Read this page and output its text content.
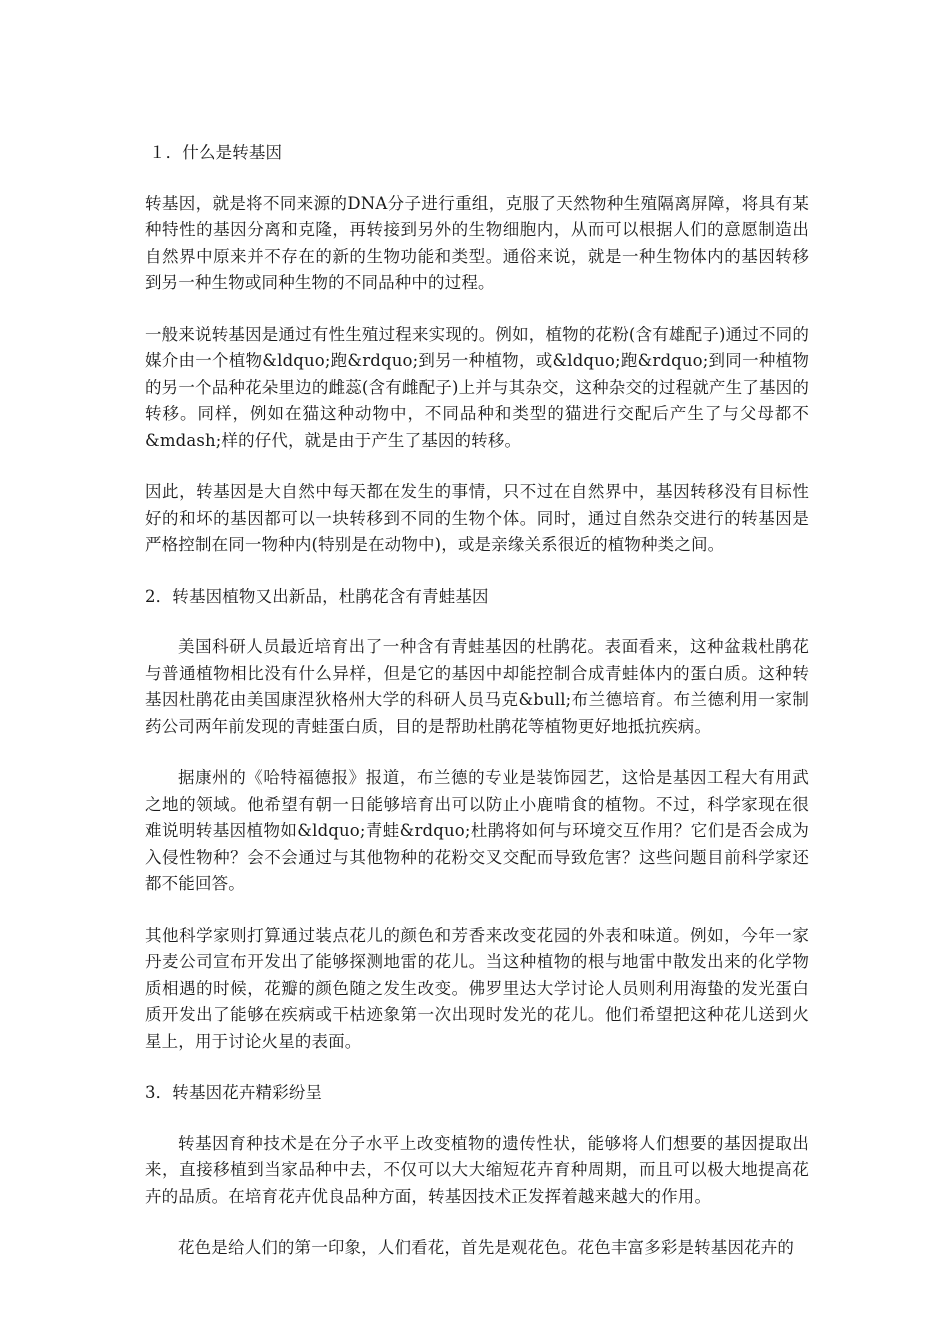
１．什么是转基因
转基因，就是将不同来源的DNA分子进行重组，克服了天然物种生殖隔离屏障，将具有某种特性的基因分离和克隆，再转接到另外的生物细胞内，从而可以根据人们的意愿制造出自然界中原来并不存在的新的生物功能和类型。通俗来说，就是一种生物体内的基因转移到另一种生物或同种生物的不同品种中的过程。
一般来说转基因是通过有性生殖过程来实现的。例如，植物的花粉(含有雄配子)通过不同的媒介由一个植物&ldquo;跑&rdquo;到另一种植物，或&ldquo;跑&rdquo;到同一种植物的另一个品种花朵里边的雌蕊(含有雌配子)上并与其杂交，这种杂交的过程就产生了基因的转移。同样，例如在猫这种动物中，不同品种和类型的猫进行交配后产生了与父母都不&mdash;样的仔代，就是由于产生了基因的转移。
因此，转基因是大自然中每天都在发生的事情，只不过在自然界中，基因转移没有目标性好的和坏的基因都可以一块转移到不同的生物个体。同时，通过自然杂交进行的转基因是严格控制在同一物种内(特别是在动物中)，或是亲缘关系很近的植物种类之间。
2．转基因植物又出新品，杜鹃花含有青蛙基因
美国科研人员最近培育出了一种含有青蛙基因的杜鹃花。表面看来，这种盆栽杜鹃花与普通植物相比没有什么异样，但是它的基因中却能控制合成青蛙体内的蛋白质。这种转基因杜鹃花由美国康涅狄格州大学的科研人员马克&bull;布兰德培育。布兰德利用一家制药公司两年前发现的青蛙蛋白质，目的是帮助杜鹃花等植物更好地抵抗疾病。
据康州的《哈特福德报》报道，布兰德的专业是装饰园艺，这恰是基因工程大有用武之地的领域。他希望有朝一日能够培育出可以防止小鹿啃食的植物。不过，科学家现在很难说明转基因植物如&ldquo;青蛙&rdquo;杜鹃将如何与环境交互作用？它们是否会成为入侵性物种？会不会通过与其他物种的花粉交叉交配而导致危害？这些问题目前科学家还都不能回答。
其他科学家则打算通过装点花儿的颜色和芳香来改变花园的外表和味道。例如，今年一家丹麦公司宣布开发出了能够探测地雷的花儿。当这种植物的根与地雷中散发出来的化学物质相遇的时候，花瓣的颜色随之发生改变。佛罗里达大学讨论人员则利用海蛰的发光蛋白质开发出了能够在疾病或干枯迹象第一次出现时发光的花儿。他们希望把这种花儿送到火星上，用于讨论火星的表面。
3．转基因花卉精彩纷呈
转基因育种技术是在分子水平上改变植物的遗传性状，能够将人们想要的基因提取出来，直接移植到当家品种中去，不仅可以大大缩短花卉育种周期，而且可以极大地提高花卉的品质。在培育花卉优良品种方面，转基因技术正发挥着越来越大的作用。
花色是给人们的第一印象，人们看花，首先是观花色。花色丰富多彩是转基因花卉的
